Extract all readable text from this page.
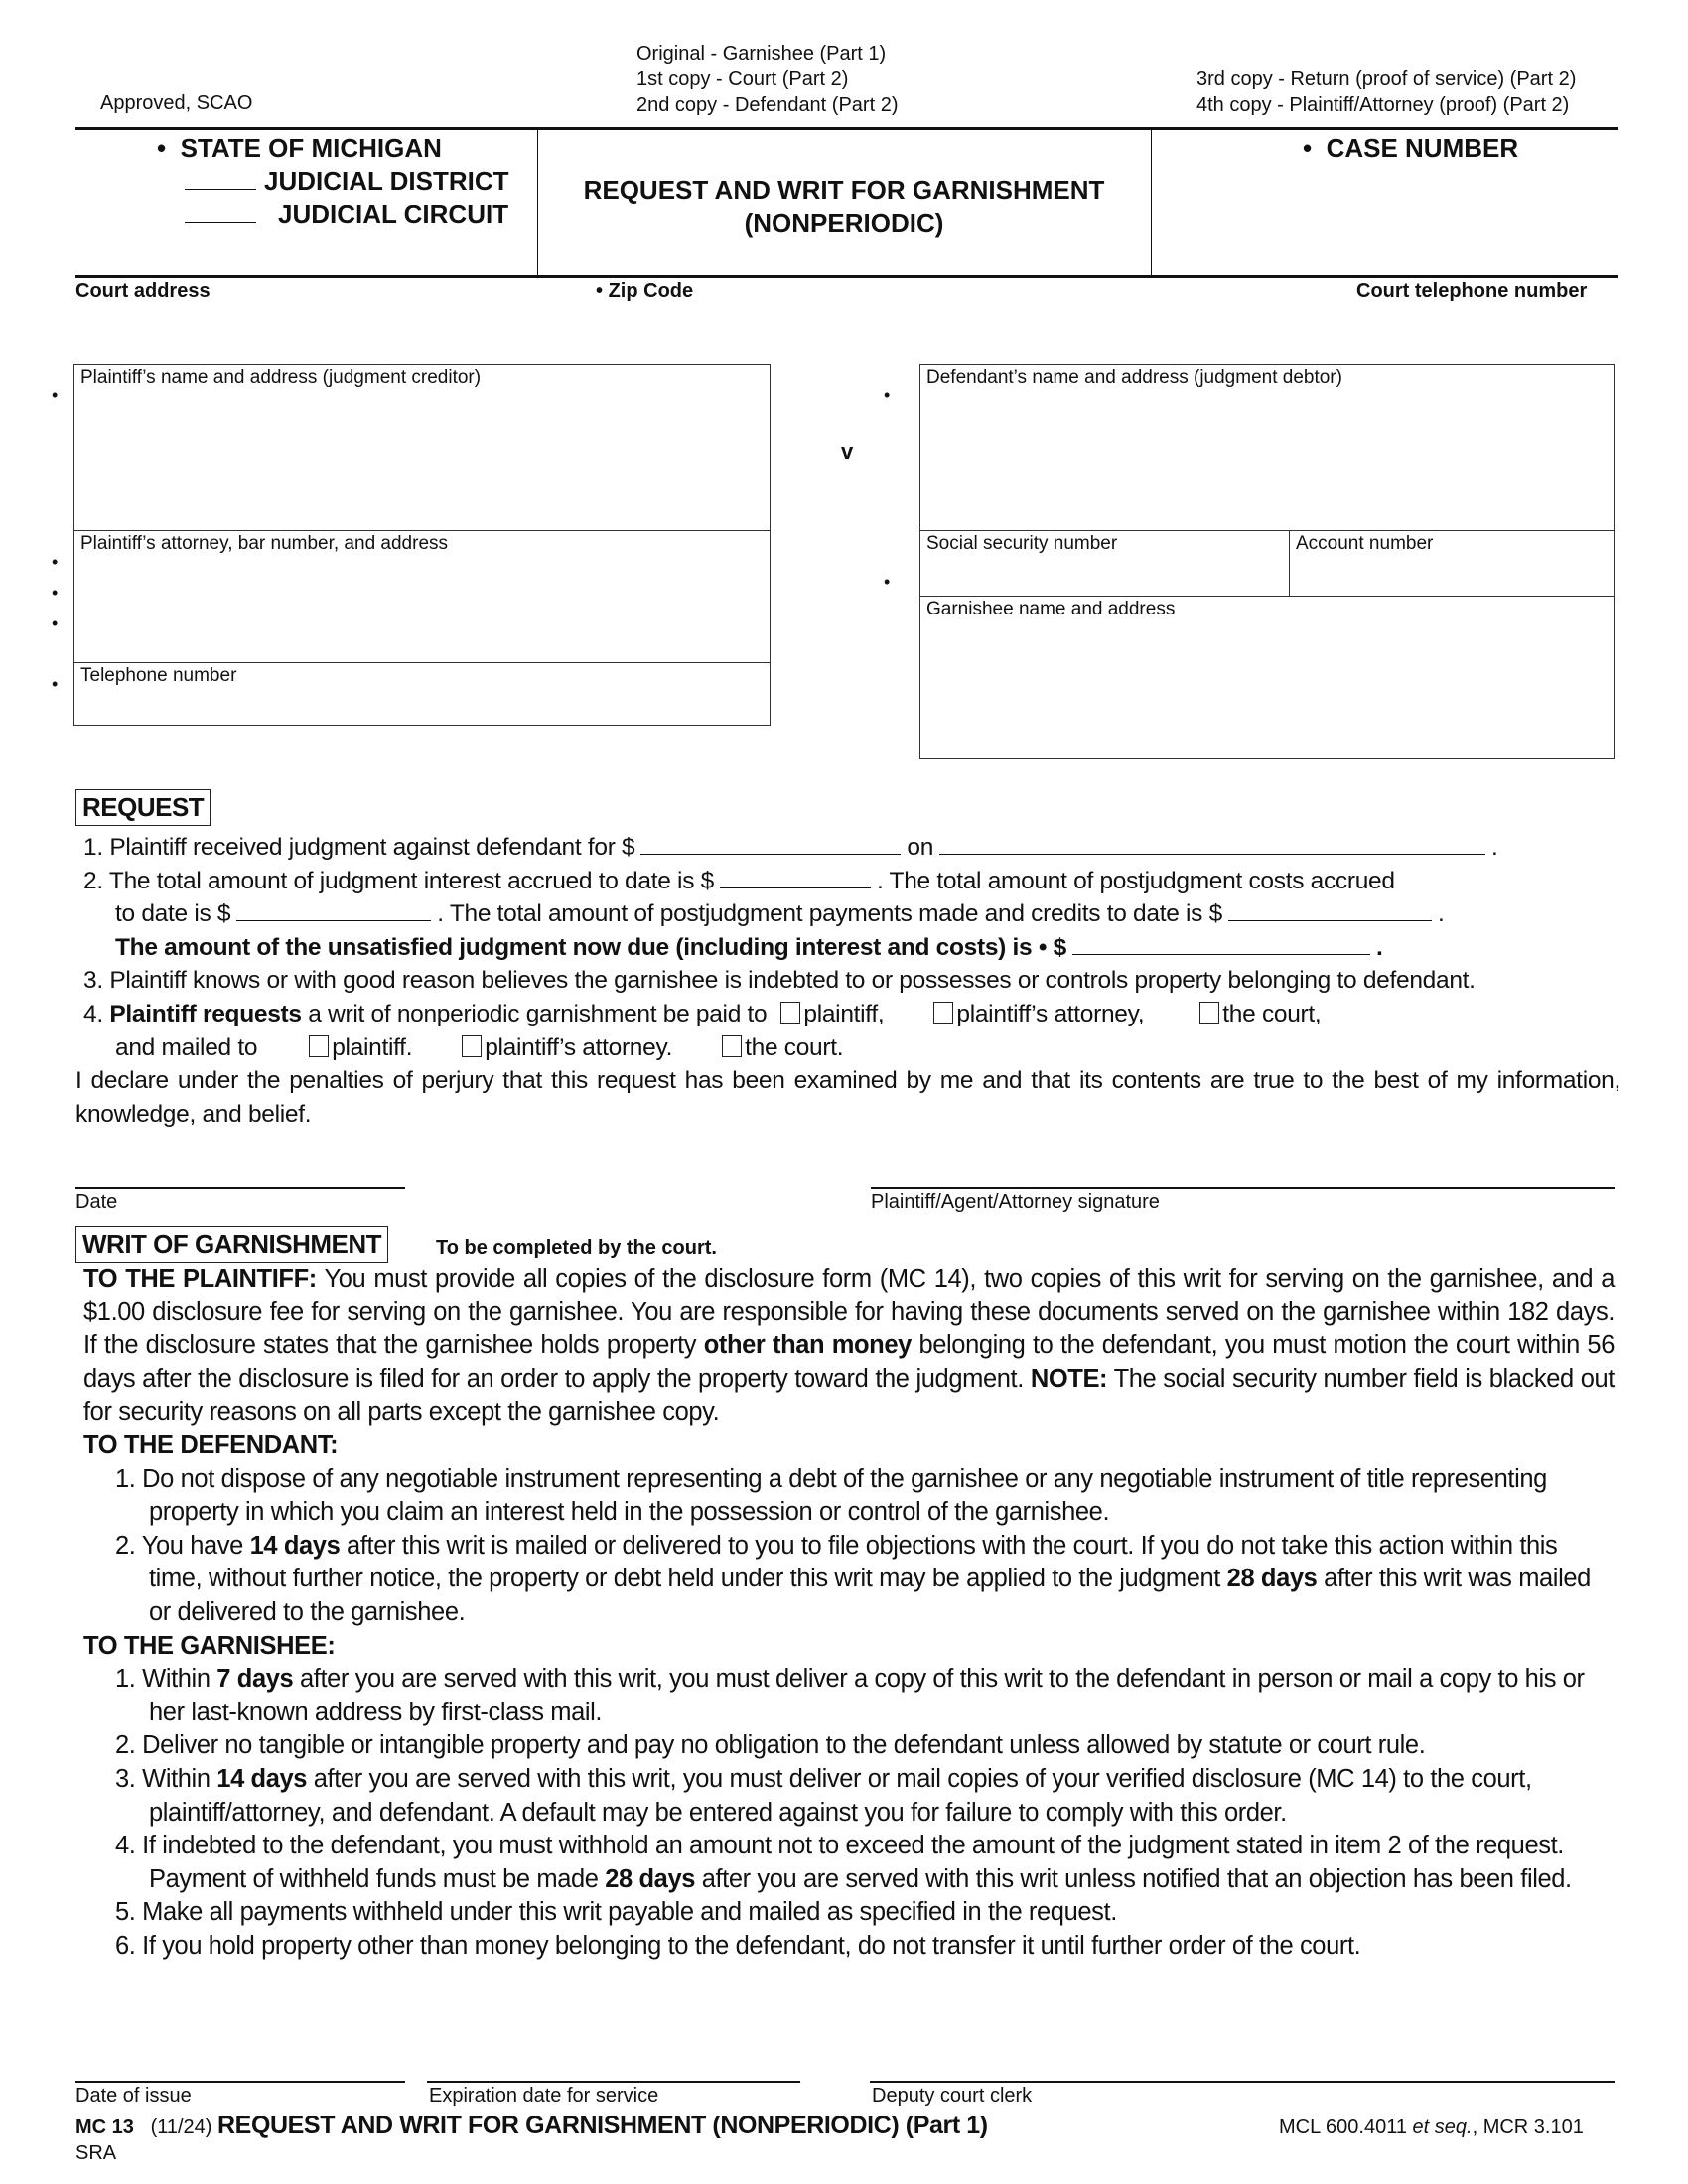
Approved, SCAO
Original - Garnishee (Part 1)
1st copy - Court (Part 2)
2nd copy - Defendant (Part 2)
3rd copy - Return (proof of service) (Part 2)
4th copy - Plaintiff/Attorney (proof) (Part 2)
• STATE OF MICHIGAN
JUDICIAL DISTRICT
JUDICIAL CIRCUIT
REQUEST AND WRIT FOR GARNISHMENT
(NONPERIODIC)
• CASE NUMBER
Court address	• Zip Code	Court telephone number
Plaintiff’s name and address (judgment creditor)
Plaintiff’s attorney, bar number, and address
Telephone number
•
•
•
•
•
v
•
•
Defendant’s name and address (judgment debtor)
Social security number	Account number
Garnishee name and address
REQUEST
1. Plaintiff received judgment against defendant for $	on	.
2. The total amount of judgment interest accrued to date is $	. The total amount of postjudgment costs accrued
to date is $	. The total amount of postjudgment payments made and credits to date is $	.
The amount of the unsatisfied judgment now due (including interest and costs) is • $	.
3. Plaintiff knows or with good reason believes the garnishee is indebted to or possesses or controls property belonging to defendant.
4. Plaintiff requests a writ of nonperiodic garnishment be paid to plaintiff,	plaintiff’s attorney,	the court,
and mailed to	plaintiff.	plaintiff’s attorney.	the court.
I declare under the penalties of perjury that this request has been examined by me and that its contents are true to the best of my information, knowledge, and belief.
Date	Plaintiff/Agent/Attorney signature
WRIT OF GARNISHMENT	To be completed by the court.

TO THE PLAINTIFF: You must provide all copies of the disclosure form (MC 14), two copies of this writ for serving on the garnishee, and a $1.00 disclosure fee for serving on the garnishee. You are responsible for having these documents served on the garnishee within 182 days. If the disclosure states that the garnishee holds property other than money belonging to the defendant, you must motion the court within 56 days after the disclosure is filed for an order to apply the property toward the judgment. NOTE: The social security number field is blacked out for security reasons on all parts except the garnishee copy.

TO THE DEFENDANT:
1. Do not dispose of any negotiable instrument representing a debt of the garnishee or any negotiable instrument of title representing property in which you claim an interest held in the possession or control of the garnishee.
2. You have 14 days after this writ is mailed or delivered to you to file objections with the court. If you do not take this action within this time, without further notice, the property or debt held under this writ may be applied to the judgment 28 days after this writ was mailed or delivered to the garnishee.
TO THE GARNISHEE:
1. Within 7 days after you are served with this writ, you must deliver a copy of this writ to the defendant in person or mail a copy to his or her last-known address by first-class mail.
2. Deliver no tangible or intangible property and pay no obligation to the defendant unless allowed by statute or court rule.
3. Within 14 days after you are served with this writ, you must deliver or mail copies of your verified disclosure (MC 14) to the court, plaintiff/attorney, and defendant. A default may be entered against you for failure to comply with this order.
4. If indebted to the defendant, you must withhold an amount not to exceed the amount of the judgment stated in item 2 of the request. Payment of withheld funds must be made 28 days after you are served with this writ unless notified that an objection has been filed.
5. Make all payments withheld under this writ payable and mailed as specified in the request.
6. If you hold property other than money belonging to the defendant, do not transfer it until further order of the court.
Date of issue	Expiration date for service	Deputy court clerk
MC 13 (11/24) REQUEST AND WRIT FOR GARNISHMENT (NONPERIODIC) (Part 1)	MCL 600.4011 et seq., MCR 3.101
SRA
